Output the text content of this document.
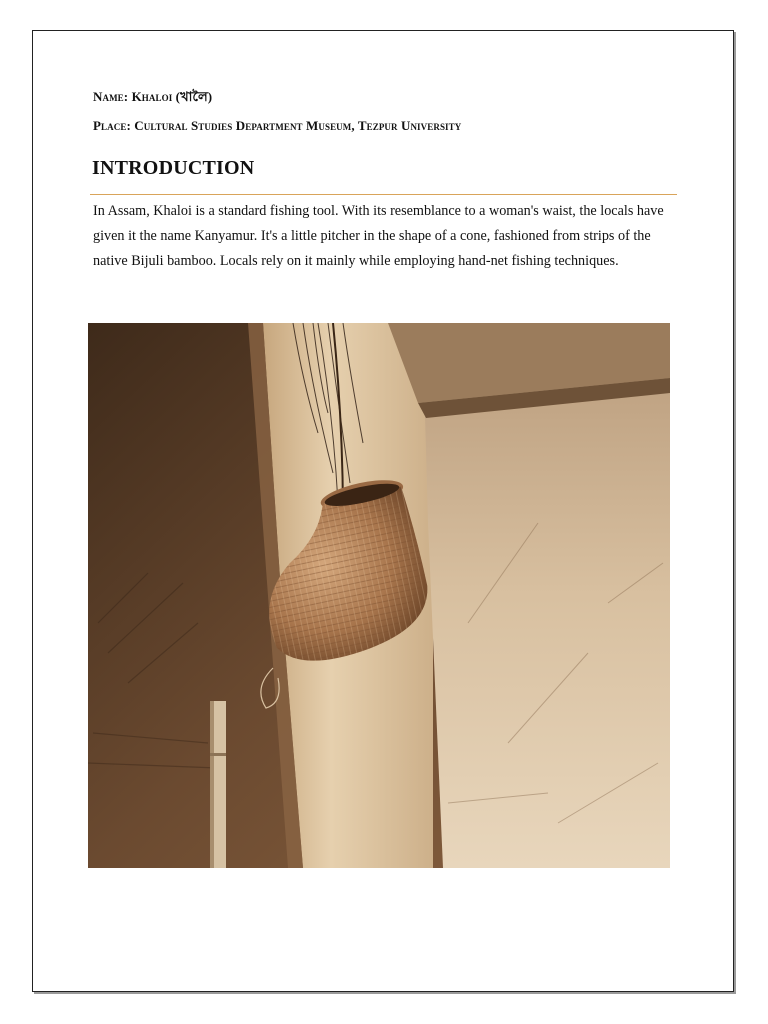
Name: Khaloi (খালৈ)
Place: Cultural Studies Department Museum, Tezpur University
INTRODUCTION

In Assam, Khaloi is a standard fishing tool. With its resemblance to a woman's waist, the locals have given it the name Kanyamur. It's a little pitcher in the shape of a cone, fashioned from strips of the native Bijuli bamboo. Locals rely on it mainly while employing hand-net fishing techniques.
